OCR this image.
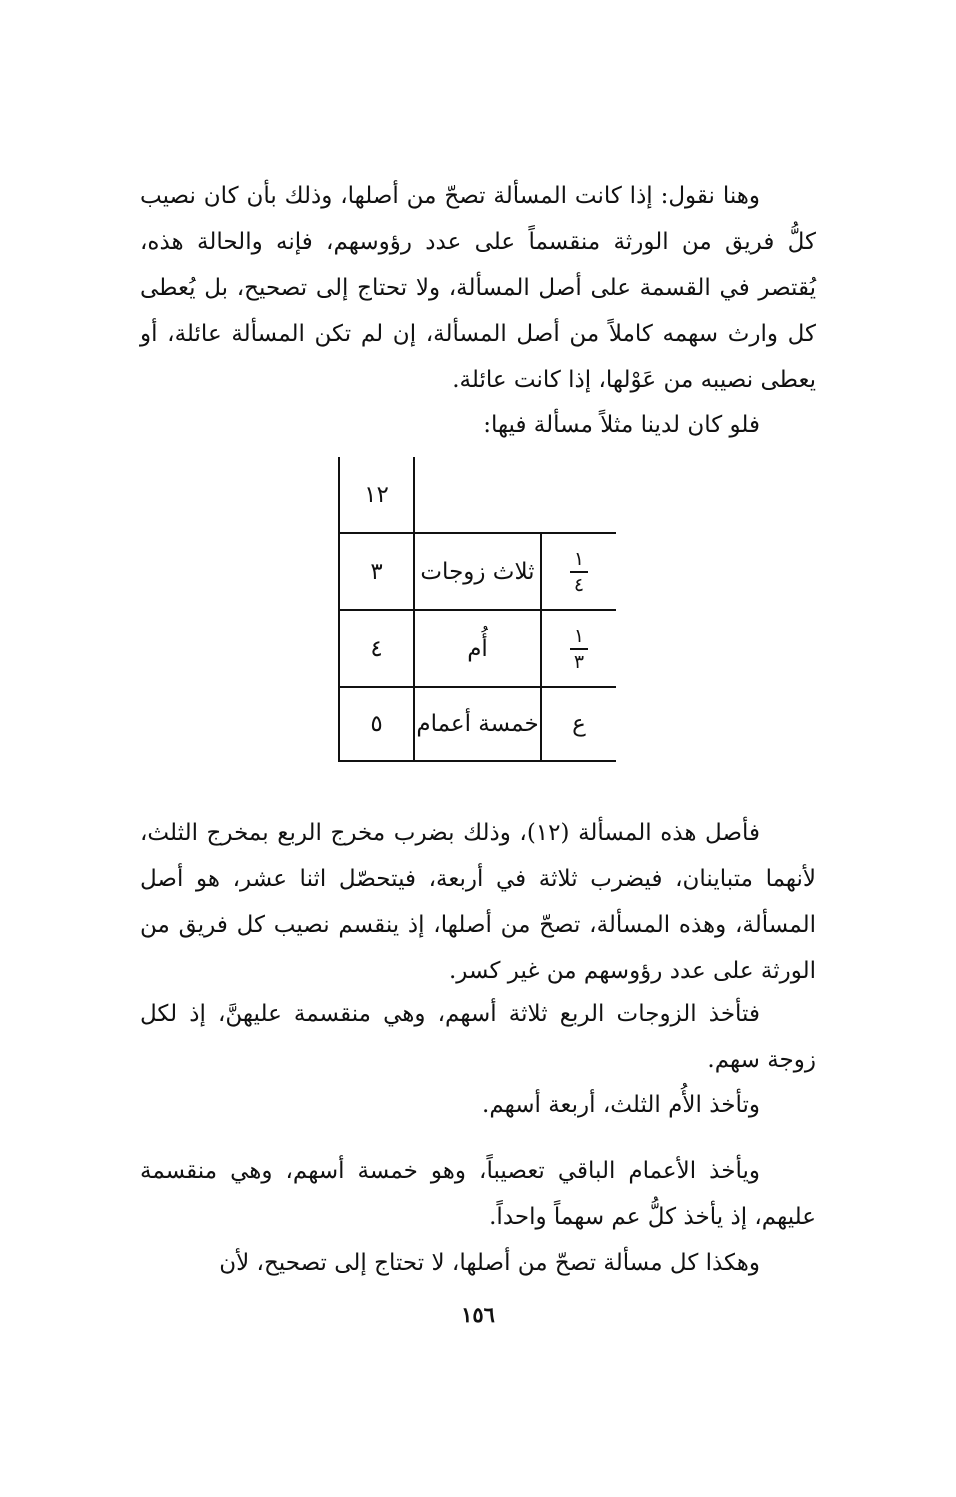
وهنا نقول: إذا كانت المسألة تصحّ من أصلها، وذلك بأن كان نصيب كلُّ فريق من الورثة منقسماً على عدد رؤوسهم، فإنه والحالة هذه، يُقتصر في القسمة على أصل المسألة، ولا تحتاج إلى تصحيح، بل يُعطى كل وارث سهمه كاملاً من أصل المسألة، إن لم تكن المسألة عائلة، أو يعطى نصيبه من عَوْلها، إذا كانت عائلة.

فلو كان لدينا مثلاً مسألة فيها:

١٢
٣	ثلاث زوجات $\frac{١}{٤}$
٤	أُم	$\frac{١}{٣}$
٥	خمسة أعمام	ع

فأصل هذه المسألة (١٢)، وذلك بضرب مخرج الربع بمخرج الثلث، لأنهما متباينان، فيضرب ثلاثة في أربعة، فيتحصّل اثنا عشر، هو أصل المسألة، وهذه المسألة، تصحّ من أصلها، إذ ينقسم نصيب كل فريق من الورثة على عدد رؤوسهم من غير كسر.

فتأخذ الزوجات الربع ثلاثة أسهم، وهي منقسمة عليهنَّ، إذ لكل زوجة سهم.

وتأخذ الأُم الثلث، أربعة أسهم.

ويأخذ الأعمام الباقي تعصيباً، وهو خمسة أسهم، وهي منقسمة عليهم، إذ يأخذ كلُّ عم سهماً واحداً.

وهكذا كل مسألة تصحّ من أصلها، لا تحتاج إلى تصحيح، لأن

١٥٦
